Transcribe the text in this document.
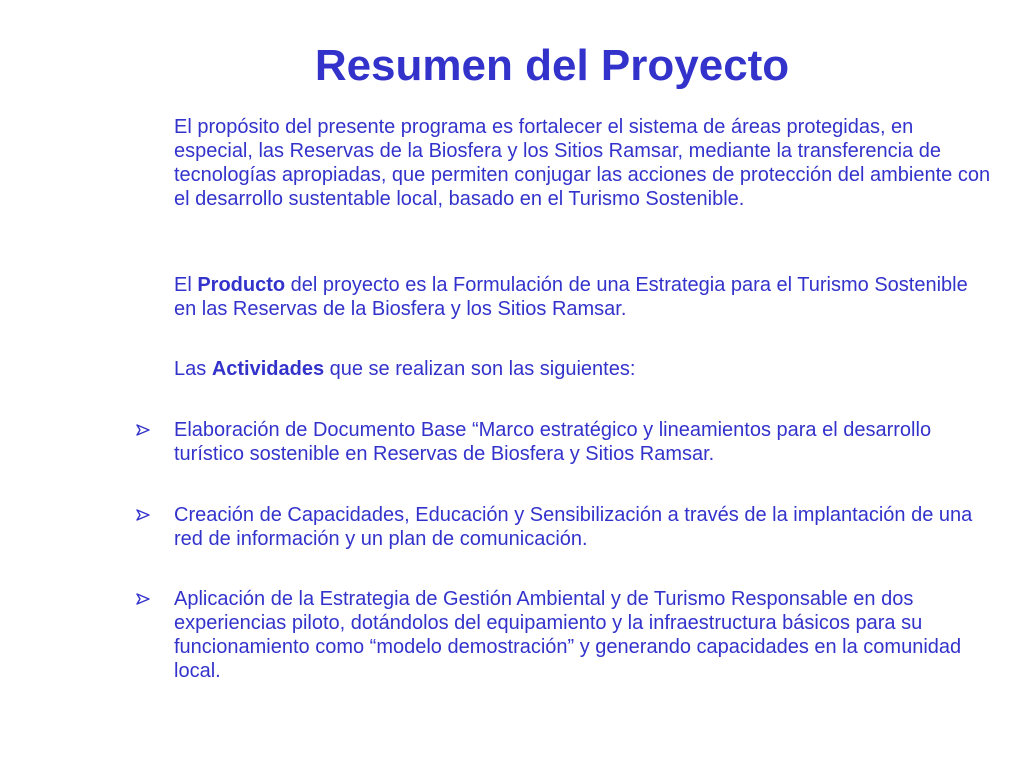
Resumen del Proyecto

El propósito del presente programa es fortalecer el sistema de áreas protegidas, en especial, las Reservas de la Biosfera y los Sitios Ramsar, mediante la transferencia de tecnologías apropiadas, que permiten conjugar las acciones de protección del ambiente con el desarrollo sustentable local, basado en el Turismo Sostenible.

El Producto del proyecto es la Formulación de una Estrategia para el Turismo Sostenible en las Reservas de la Biosfera y los Sitios Ramsar.

Las Actividades que se realizan son las siguientes:

Elaboración de Documento Base “Marco estratégico y lineamientos para el desarrollo turístico sostenible en Reservas de Biosfera y Sitios Ramsar.
Creación de Capacidades, Educación y Sensibilización a través de la implantación de una red de información y un plan de comunicación.
Aplicación de la Estrategia de Gestión Ambiental y de Turismo Responsable en dos experiencias piloto, dotándolos del equipamiento y la infraestructura básicos para su funcionamiento como “modelo demostración” y generando capacidades en la comunidad local.
